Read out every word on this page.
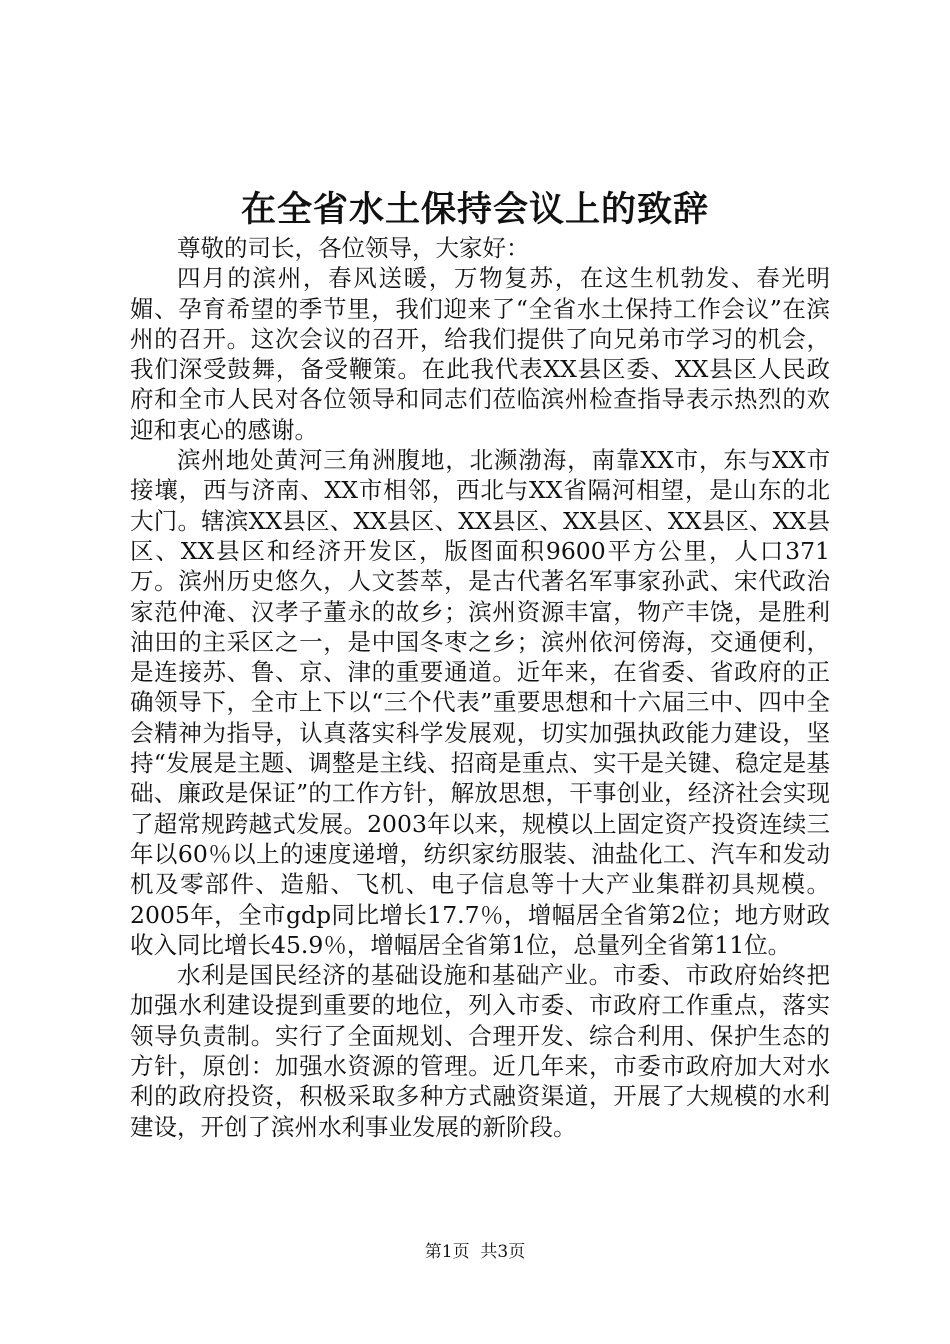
在全省水土保持会议上的致辞

尊敬的司长，各位领导，大家好：

四月的滨州，春风送暖，万物复苏，在这生机勃发、春光明媚、孕育希望的季节里，我们迎来了“全省水土保持工作会议”在滨州的召开。这次会议的召开，给我们提供了向兄弟市学习的机会，我们深受鼓舞，备受鞭策。在此我代表XX县区委、XX县区人民政府和全市人民对各位领导和同志们莅临滨州检查指导表示热烈的欢迎和衷心的感谢。

滨州地处黄河三角洲腹地，北濒渤海，南靠XX市，东与XX市接壤，西与济南、XX市相邻，西北与XX省隔河相望，是山东的北大门。辖滨XX县区、XX县区、XX县区、XX县区、XX县区、XX县区、XX县区和经济开发区，版图面积9600平方公里，人口371万。滨州历史悠久，人文荟萃，是古代著名军事家孙武、宋代政治家范仲淹、汉孝子董永的故乡；滨州资源丰富，物产丰饶，是胜利油田的主采区之一，是中国冬枣之乡；滨州依河傍海，交通便利，是连接苏、鲁、京、津的重要通道。近年来，在省委、省政府的正确领导下，全市上下以“三个代表”重要思想和十六届三中、四中全会精神为指导，认真落实科学发展观，切实加强执政能力建设，坚持“发展是主题、调整是主线、招商是重点、实干是关键、稳定是基础、廉政是保证”的工作方针，解放思想，干事创业，经济社会实现了超常规跨越式发展。2003年以来，规模以上固定资产投资连续三年以60％以上的速度递增，纺织家纺服装、油盐化工、汽车和发动机及零部件、造船、飞机、电子信息等十大产业集群初具规模。2005年，全市gdp同比增长17.7％，增幅居全省第2位；地方财政收入同比增长45.9％，增幅居全省第1位，总量列全省第11位。

水利是国民经济的基础设施和基础产业。市委、市政府始终把加强水利建设提到重要的地位，列入市委、市政府工作重点，落实领导负责制。实行了全面规划、合理开发、综合利用、保护生态的方针，原创：加强水资源的管理。近几年来，市委市政府加大对水利的政府投资，积极采取多种方式融资渠道，开展了大规模的水利建设，开创了滨州水利事业发展的新阶段。

第1页 共3页
